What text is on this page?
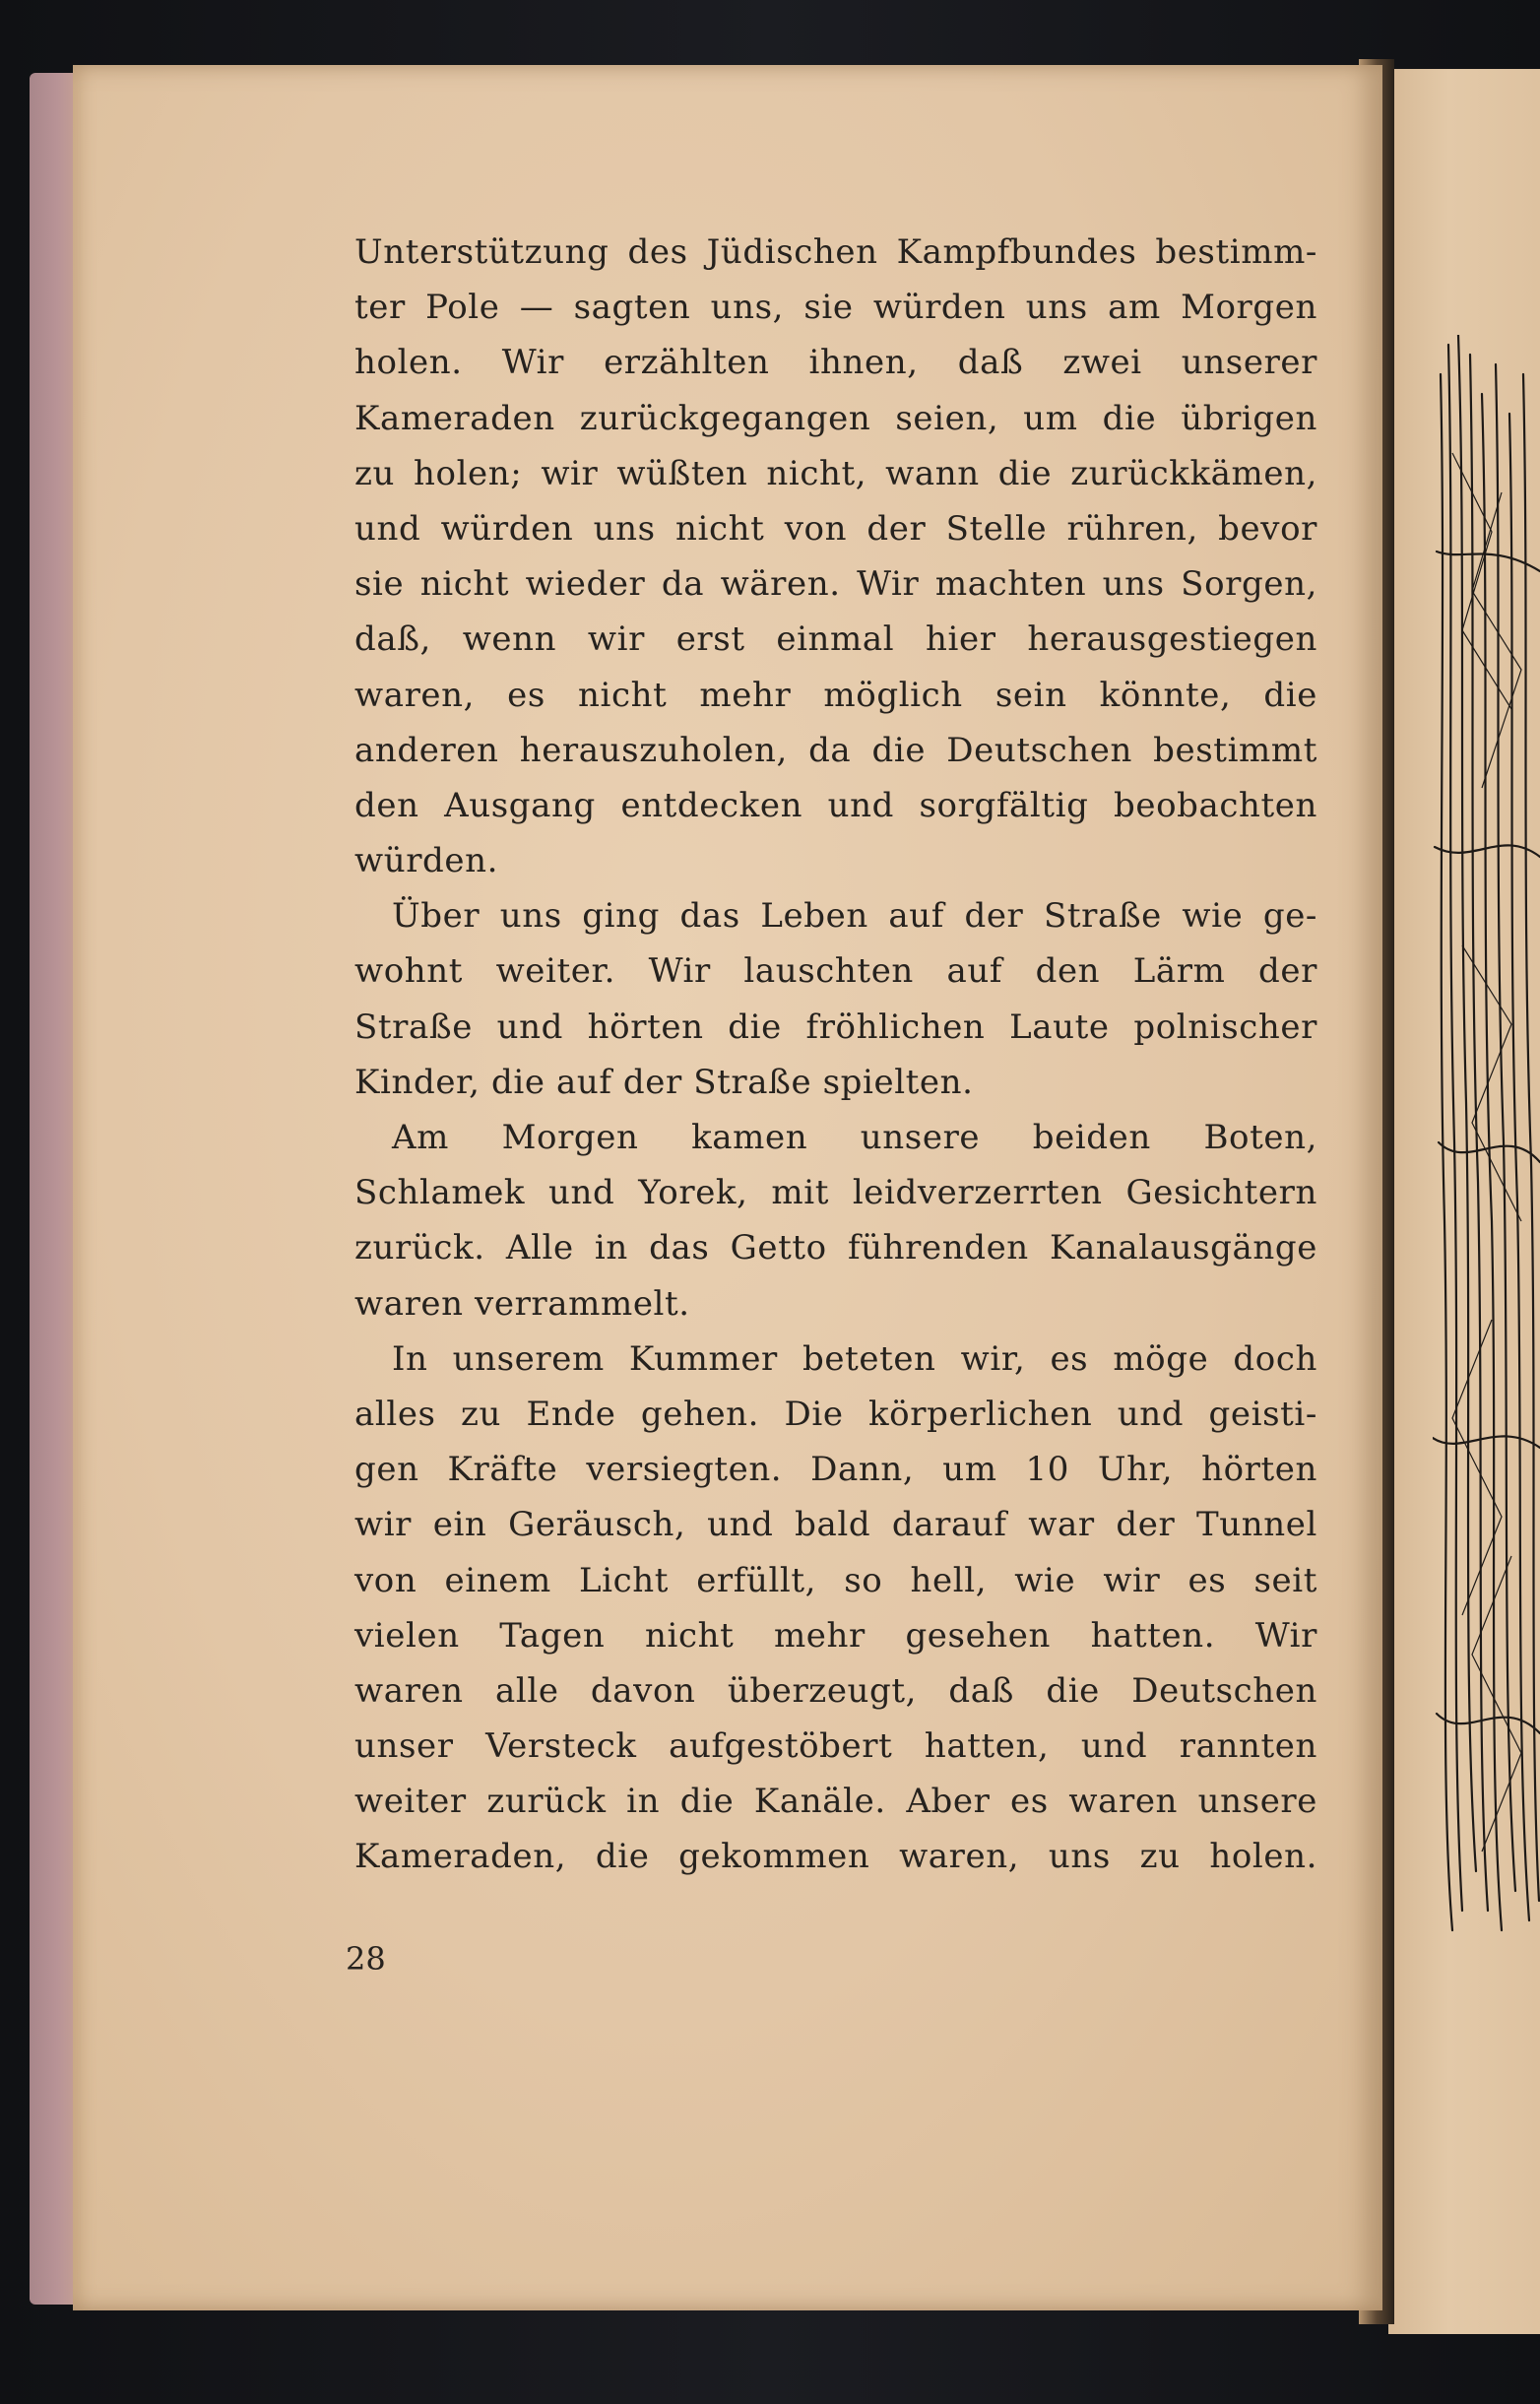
Unterstützung des Jüdischen Kampfbundes bestimm-
ter Pole — sagten uns, sie würden uns am Morgen
holen. Wir erzählten ihnen, daß zwei unserer
Kameraden zurückgegangen seien, um die übrigen
zu holen; wir wüßten nicht, wann die zurückkämen,
und würden uns nicht von der Stelle rühren, bevor
sie nicht wieder da wären. Wir machten uns Sorgen,
daß, wenn wir erst einmal hier herausgestiegen
waren, es nicht mehr möglich sein könnte, die
anderen herauszuholen, da die Deutschen bestimmt
den Ausgang entdecken und sorgfältig beobachten
würden.
Über uns ging das Leben auf der Straße wie ge-
wohnt weiter. Wir lauschten auf den Lärm der
Straße und hörten die fröhlichen Laute polnischer
Kinder, die auf der Straße spielten.
Am Morgen kamen unsere beiden Boten,
Schlamek und Yorek, mit leidverzerrten Gesichtern
zurück. Alle in das Getto führenden Kanalausgänge
waren verrammelt.
In unserem Kummer beteten wir, es möge doch
alles zu Ende gehen. Die körperlichen und geisti-
gen Kräfte versiegten. Dann, um 10 Uhr, hörten
wir ein Geräusch, und bald darauf war der Tunnel
von einem Licht erfüllt, so hell, wie wir es seit
vielen Tagen nicht mehr gesehen hatten. Wir
waren alle davon überzeugt, daß die Deutschen
unser Versteck aufgestöbert hatten, und rannten
weiter zurück in die Kanäle. Aber es waren unsere
Kameraden, die gekommen waren, uns zu holen.
28
